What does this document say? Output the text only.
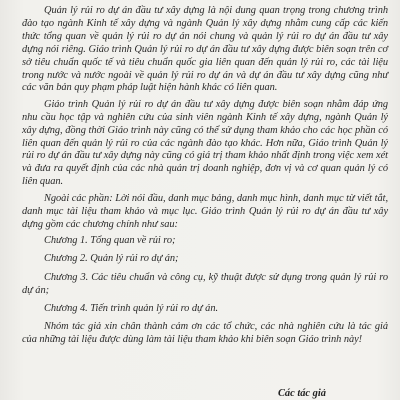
Quản lý rủi ro dự án đầu tư xây dựng là nội dung quan trọng trong chương trình đào tạo ngành Kinh tế xây dựng và ngành Quản lý xây dựng nhằm cung cấp các kiến thức tổng quan về quản lý rủi ro dự án nói chung và quản lý rủi ro dự án đầu tư xây dựng nói riêng. Giáo trình Quản lý rủi ro dự án đầu tư xây dựng được biên soạn trên cơ sở tiêu chuẩn quốc tế và tiêu chuẩn quốc gia liên quan đến quản lý rủi ro, các tài liệu trong nước và nước ngoài về quản lý rủi ro dự án và dự án đầu tư xây dựng cũng như các văn bản quy phạm pháp luật hiện hành khác có liên quan.

Giáo trình Quản lý rủi ro dự án đầu tư xây dựng được biên soạn nhằm đáp ứng nhu cầu học tập và nghiên cứu của sinh viên ngành Kinh tế xây dựng, ngành Quản lý xây dựng, đồng thời Giáo trình này cũng có thể sử dụng tham khảo cho các học phần có liên quan đến quản lý rủi ro của các ngành đào tạo khác. Hơn nữa, Giáo trình Quản lý rủi ro dự án đầu tư xây dựng này cũng có giá trị tham khảo nhất định trong việc xem xét và đưa ra quyết định của các nhà quản trị doanh nghiệp, đơn vị và cơ quan quản lý có liên quan.

Ngoài các phần: Lời nói đầu, danh mục bảng, danh mục hình, danh mục từ viết tắt, danh mục tài liệu tham khảo và mục lục. Giáo trình Quản lý rủi ro dự án đầu tư xây dựng gồm các chương chính như sau:

Chương 1. Tổng quan về rủi ro;

Chương 2. Quản lý rủi ro dự án;

Chương 3. Các tiêu chuẩn và công cụ, kỹ thuật được sử dụng trong quản lý rủi ro dự án;

Chương 4. Tiến trình quản lý rủi ro dự án.

Nhóm tác giả xin chân thành cảm ơn các tổ chức, các nhà nghiên cứu là tác giả của những tài liệu được dùng làm tài liệu tham khảo khi biên soạn Giáo trình này!

Các tác giả
